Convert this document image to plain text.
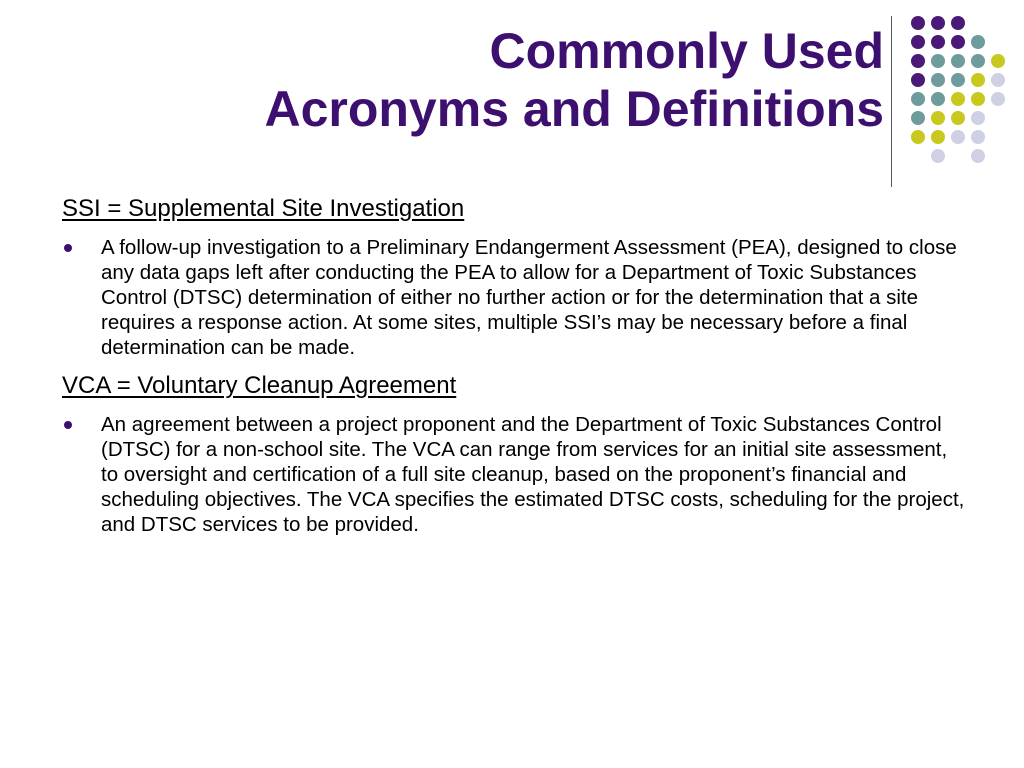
Commonly Used
Acronyms and Definitions

SSI = Supplemental Site Investigation

A follow-up investigation to a Preliminary Endangerment Assessment (PEA), designed to close any data gaps left after conducting the PEA to allow for a Department of Toxic Substances Control (DTSC) determination of either no further action or for the determination that a site requires a response action. At some sites, multiple SSI’s may be necessary before a final determination can be made.

VCA = Voluntary Cleanup Agreement

An agreement between a project proponent and the Department of Toxic Substances Control (DTSC) for a non-school site. The VCA can range from services for an initial site assessment, to oversight and certification of a full site cleanup, based on the proponent’s financial and scheduling objectives. The VCA specifies the estimated DTSC costs, scheduling for the project, and DTSC services to be provided.
